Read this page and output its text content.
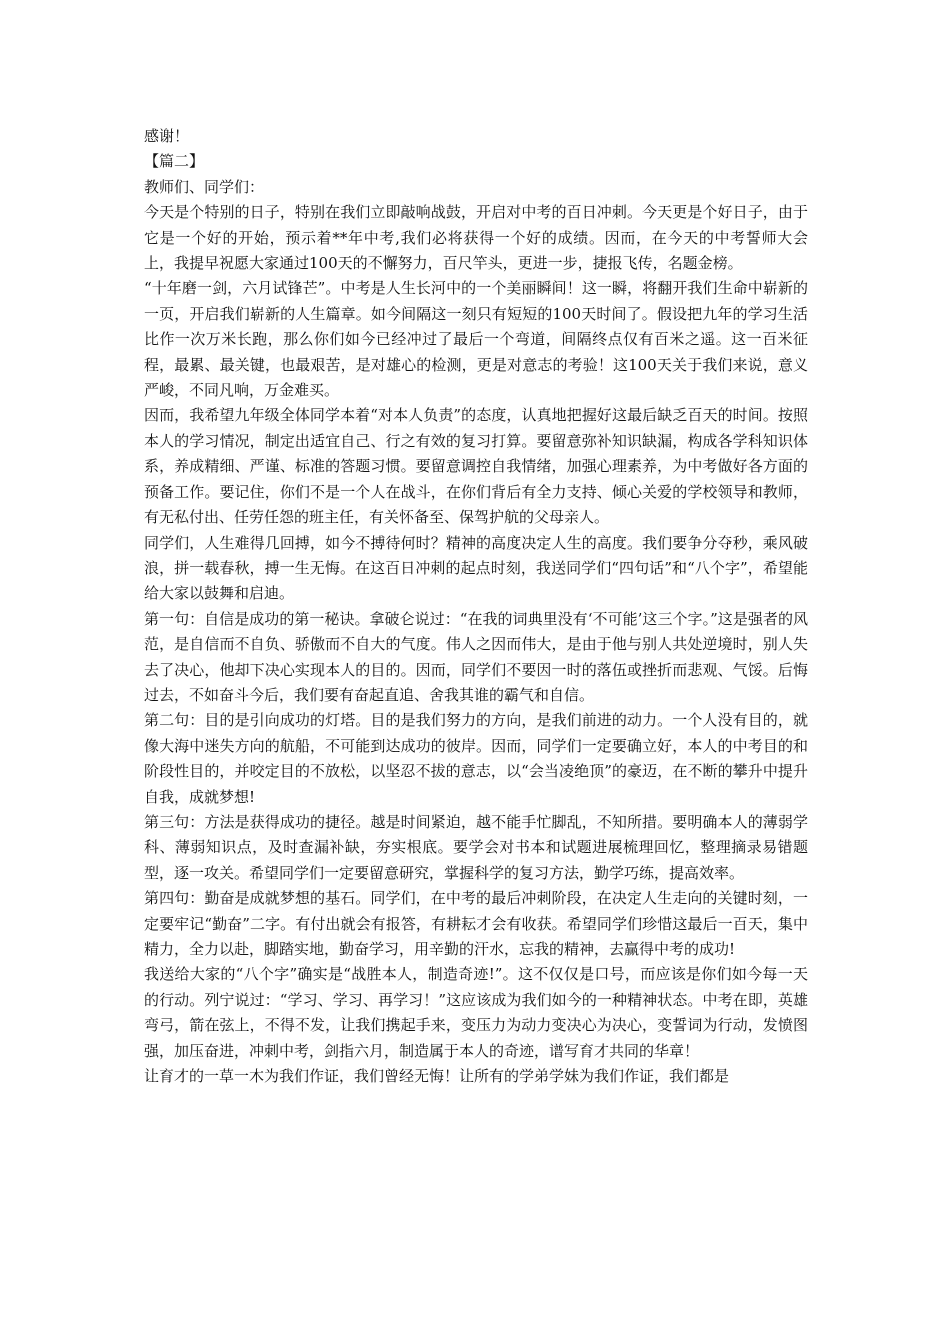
感谢！

【篇二】

教师们、同学们：

今天是个特别的日子，特别在我们立即敲响战鼓，开启对中考的百日冲刺。今天更是个好日子，由于它是一个好的开始，预示着**年中考,我们必将获得一个好的成绩。因而，在今天的中考誓师大会上，我提早祝愿大家通过100天的不懈努力，百尺竿头，更进一步，捷报飞传，名题金榜。

“十年磨一剑，六月试锋芒”。中考是人生长河中的一个美丽瞬间！这一瞬，将翻开我们生命中崭新的一页，开启我们崭新的人生篇章。如今间隔这一刻只有短短的100天时间了。假设把九年的学习生活比作一次万米长跑，那么你们如今已经冲过了最后一个弯道，间隔终点仅有百米之遥。这一百米征程，最累、最关键，也最艰苦，是对雄心的检测，更是对意志的考验！这100天关于我们来说，意义严峻，不同凡响，万金难买。

因而，我希望九年级全体同学本着“对本人负责”的态度，认真地把握好这最后缺乏百天的时间。按照本人的学习情况，制定出适宜自己、行之有效的复习打算。要留意弥补知识缺漏，构成各学科知识体系，养成精细、严谨、标准的答题习惯。要留意调控自我情绪，加强心理素养，为中考做好各方面的预备工作。要记住，你们不是一个人在战斗，在你们背后有全力支持、倾心关爱的学校领导和教师，有无私付出、任劳任怨的班主任，有关怀备至、保驾护航的父母亲人。

同学们，人生难得几回搏，如今不搏待何时？精神的高度决定人生的高度。我们要争分夺秒，乘风破浪，拼一载春秋，搏一生无悔。在这百日冲刺的起点时刻，我送同学们“四句话”和“八个字”，希望能给大家以鼓舞和启迪。

第一句：自信是成功的第一秘诀。拿破仑说过：“在我的词典里没有‘不可能’这三个字。”这是强者的风范，是自信而不自负、骄傲而不自大的气度。伟人之因而伟大，是由于他与别人共处逆境时，别人失去了决心，他却下决心实现本人的目的。因而，同学们不要因一时的落伍或挫折而悲观、气馁。后悔过去，不如奋斗今后，我们要有奋起直追、舍我其谁的霸气和自信。

第二句：目的是引向成功的灯塔。目的是我们努力的方向，是我们前进的动力。一个人没有目的，就像大海中迷失方向的航船，不可能到达成功的彼岸。因而，同学们一定要确立好，本人的中考目的和阶段性目的，并咬定目的不放松，以坚忍不拔的意志，以“会当凌绝顶”的豪迈，在不断的攀升中提升自我，成就梦想!

第三句：方法是获得成功的捷径。越是时间紧迫，越不能手忙脚乱，不知所措。要明确本人的薄弱学科、薄弱知识点，及时查漏补缺，夯实根底。要学会对书本和试题进展梳理回忆，整理摘录易错题型，逐一攻关。希望同学们一定要留意研究，掌握科学的复习方法，勤学巧练，提高效率。

第四句：勤奋是成就梦想的基石。同学们，在中考的最后冲刺阶段，在决定人生走向的关键时刻，一定要牢记“勤奋”二字。有付出就会有报答，有耕耘才会有收获。希望同学们珍惜这最后一百天，集中精力，全力以赴，脚踏实地，勤奋学习，用辛勤的汗水，忘我的精神，去赢得中考的成功!

我送给大家的“八个字”确实是“战胜本人，制造奇迹!”。这不仅仅是口号，而应该是你们如今每一天的行动。列宁说过：“学习、学习、再学习！”这应该成为我们如今的一种精神状态。中考在即，英雄弯弓，箭在弦上，不得不发，让我们携起手来，变压力为动力变决心为决心，变誓词为行动，发愤图强，加压奋进，冲刺中考，剑指六月，制造属于本人的奇迹，谱写育才共同的华章！

让育才的一草一木为我们作证，我们曾经无悔！让所有的学弟学妹为我们作证，我们都是
